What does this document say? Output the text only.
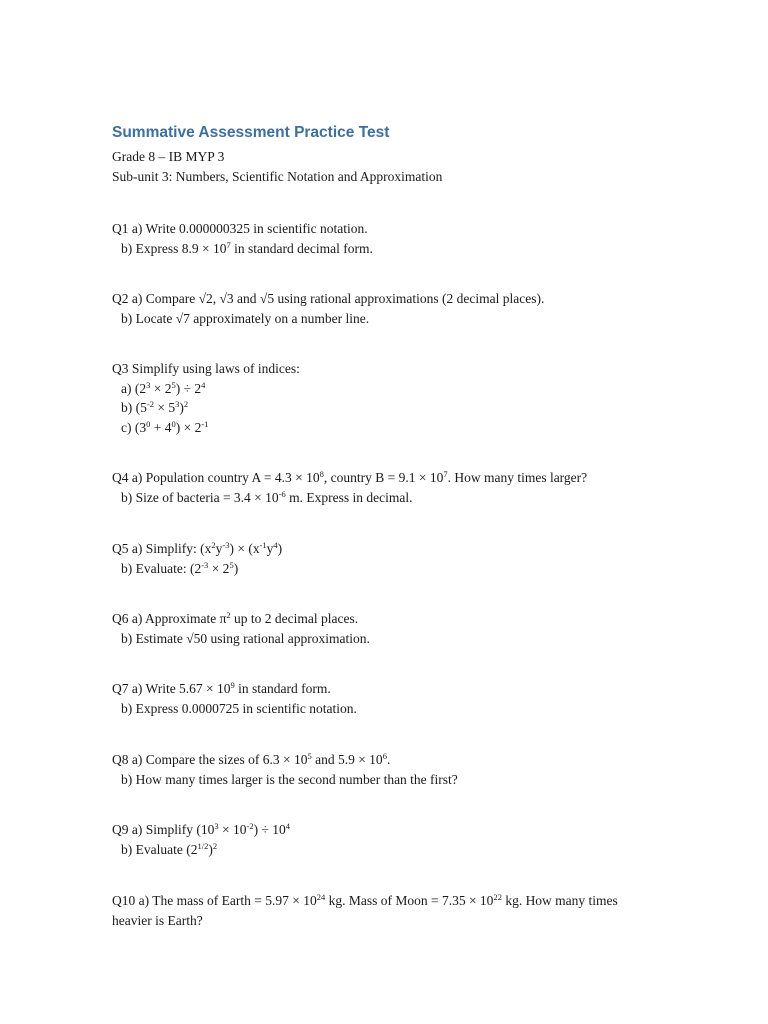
Summative Assessment Practice Test
Grade 8 – IB MYP 3
Sub-unit 3: Numbers, Scientific Notation and Approximation
Q1 a) Write 0.000000325 in scientific notation.
b) Express $8.9 \times 10^7$ in standard decimal form.
Q2 a) Compare √2, √3 and √5 using rational approximations (2 decimal places).
b) Locate √7 approximately on a number line.
Q3 Simplify using laws of indices:
a) $(2^3 \times 2^5) \div 2^4$
b) $(5^{-2} \times 5^3)^2$
c) $(3^0 + 4^0) \times 2^{-1}$
Q4 a) Population country $A = 4.3 \times 10^8$, country $B = 9.1 \times 10^7$. How many times larger?
b) Size of bacteria = $3.4 \times 10^{-6}$ m. Express in decimal.
Q5 a) Simplify: $(x^2y^{-3}) \times (x^{-1}y^4)$
b) Evaluate: $(2^{-3} \times 2^5)$
Q6 a) Approximate $\pi^2$ up to 2 decimal places.
b) Estimate √50 using rational approximation.
Q7 a) Write $5.67 \times 10^9$ in standard form.
b) Express 0.0000725 in scientific notation.
Q8 a) Compare the sizes of $6.3 \times 10^5$ and $5.9 \times 10^6$.
b) How many times larger is the second number than the first?
Q9 a) Simplify $(10^3 \times 10^{-2}) \div 10^4$
b) Evaluate $(2^{1/2})^2$
Q10 a) The mass of Earth = $5.97 \times 10^{24}$ kg. Mass of Moon = $7.35 \times 10^{22}$ kg. How many times heavier is Earth?
